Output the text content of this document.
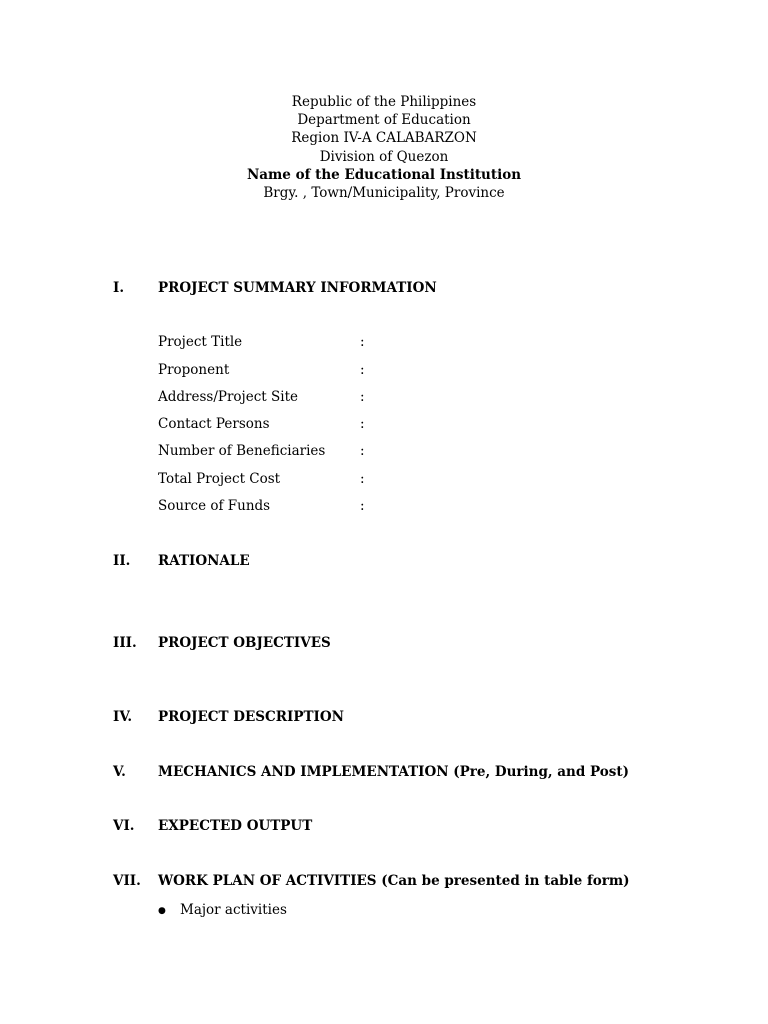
Republic of the Philippines
Department of Education
Region IV-A CALABARZON
Division of Quezon
Name of the Educational Institution
Brgy. , Town/Municipality, Province
I.	PROJECT SUMMARY INFORMATION
Project Title	:
Proponent	:
Address/Project Site	:
Contact Persons	:
Number of Beneficiaries	:
Total Project Cost	:
Source of Funds	:
II. RATIONALE
III. PROJECT OBJECTIVES
IV. PROJECT DESCRIPTION
V. MECHANICS AND IMPLEMENTATION (Pre, During, and Post)
VI. EXPECTED OUTPUT
VII. WORK PLAN OF ACTIVITIES (Can be presented in table form)
● Major activities
